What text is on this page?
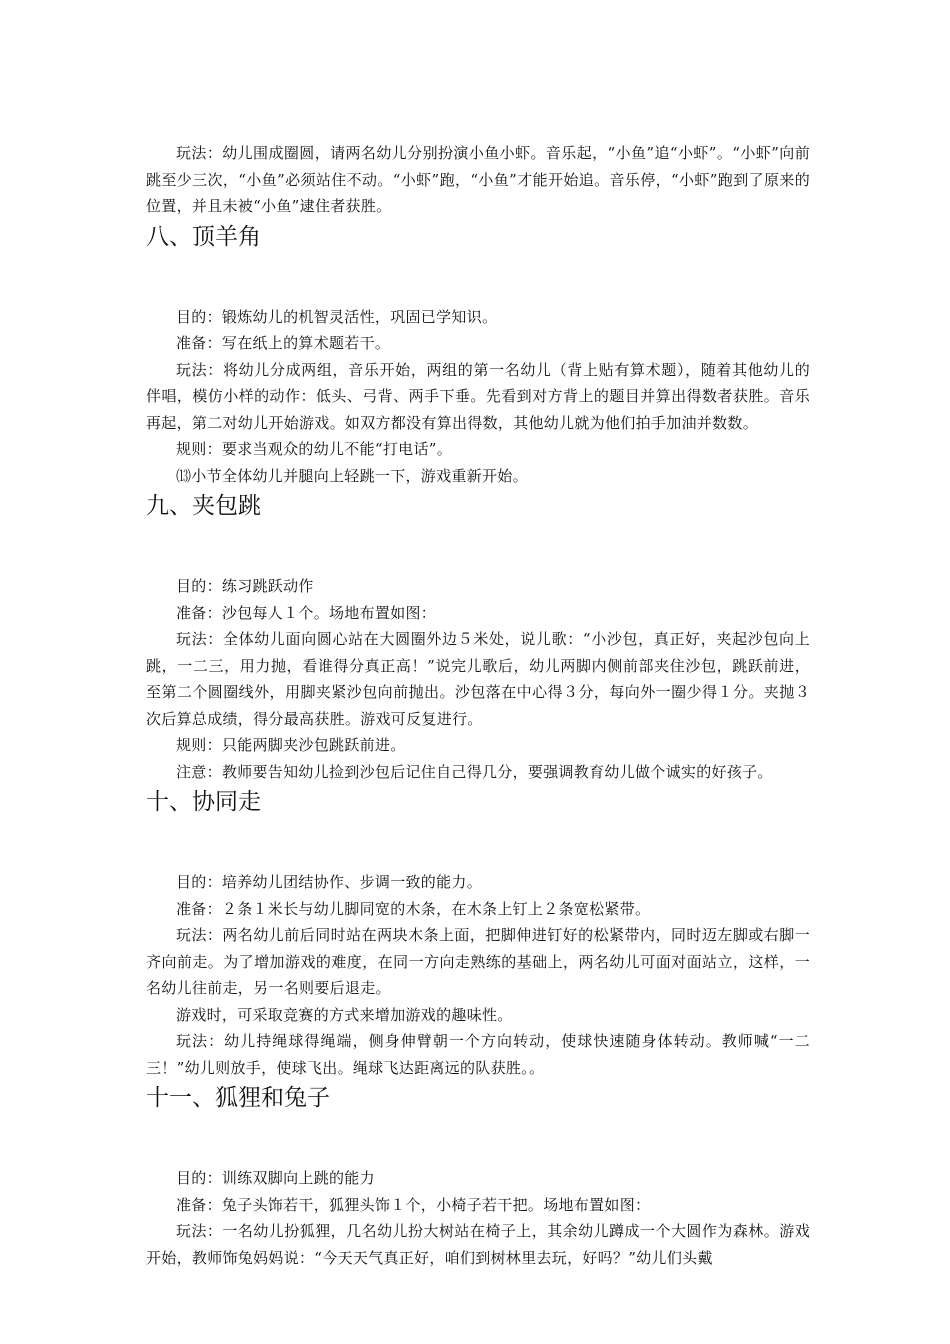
玩法：幼儿围成圈圆，请两名幼儿分别扮演小鱼小虾。音乐起，“小鱼”追“小虾”。“小虾”向前跳至少三次，“小鱼”必须站住不动。“小虾”跑，“小鱼”才能开始追。音乐停，“小虾”跑到了原来的位置，并且未被“小鱼”逮住者获胜。

八、顶羊角

目的：锻炼幼儿的机智灵活性，巩固已学知识。

准备：写在纸上的算术题若干。

玩法：将幼儿分成两组，音乐开始，两组的第一名幼儿（背上贴有算术题），随着其他幼儿的伴唱，模仿小样的动作：低头、弓背、两手下垂。先看到对方背上的题目并算出得数者获胜。音乐再起，第二对幼儿开始游戏。如双方都没有算出得数，其他幼儿就为他们拍手加油并数数。

规则：要求当观众的幼儿不能“打电话”。

⒀小节全体幼儿并腿向上轻跳一下，游戏重新开始。

九、夹包跳

目的：练习跳跃动作

准备：沙包每人１个。场地布置如图：

玩法：全体幼儿面向圆心站在大圆圈外边５米处，说儿歌：“小沙包，真正好，夹起沙包向上跳，一二三，用力抛，看谁得分真正高！”说完儿歌后，幼儿两脚内侧前部夹住沙包，跳跃前进，至第二个圆圈线外，用脚夹紧沙包向前抛出。沙包落在中心得３分，每向外一圈少得１分。夹抛３次后算总成绩，得分最高获胜。游戏可反复进行。

规则：只能两脚夹沙包跳跃前进。

注意：教师要告知幼儿捡到沙包后记住自己得几分，要强调教育幼儿做个诚实的好孩子。

十、协同走

目的：培养幼儿团结协作、步调一致的能力。

准备：２条１米长与幼儿脚同宽的木条，在木条上钉上２条宽松紧带。

玩法：两名幼儿前后同时站在两块木条上面，把脚伸进钉好的松紧带内，同时迈左脚或右脚一齐向前走。为了增加游戏的难度，在同一方向走熟练的基础上，两名幼儿可面对面站立，这样，一名幼儿往前走，另一名则要后退走。

游戏时，可采取竞赛的方式来增加游戏的趣味性。

玩法：幼儿持绳球得绳端，侧身伸臂朝一个方向转动，使球快速随身体转动。教师喊“一二三！”幼儿则放手，使球飞出。绳球飞达距离远的队获胜。。

十一、狐狸和兔子

目的：训练双脚向上跳的能力

准备：兔子头饰若干，狐狸头饰１个，小椅子若干把。场地布置如图：

玩法：一名幼儿扮狐狸，几名幼儿扮大树站在椅子上，其余幼儿蹲成一个大圆作为森林。游戏开始，教师饰兔妈妈说：“今天天气真正好，咱们到树林里去玩，好吗？”幼儿们头戴
